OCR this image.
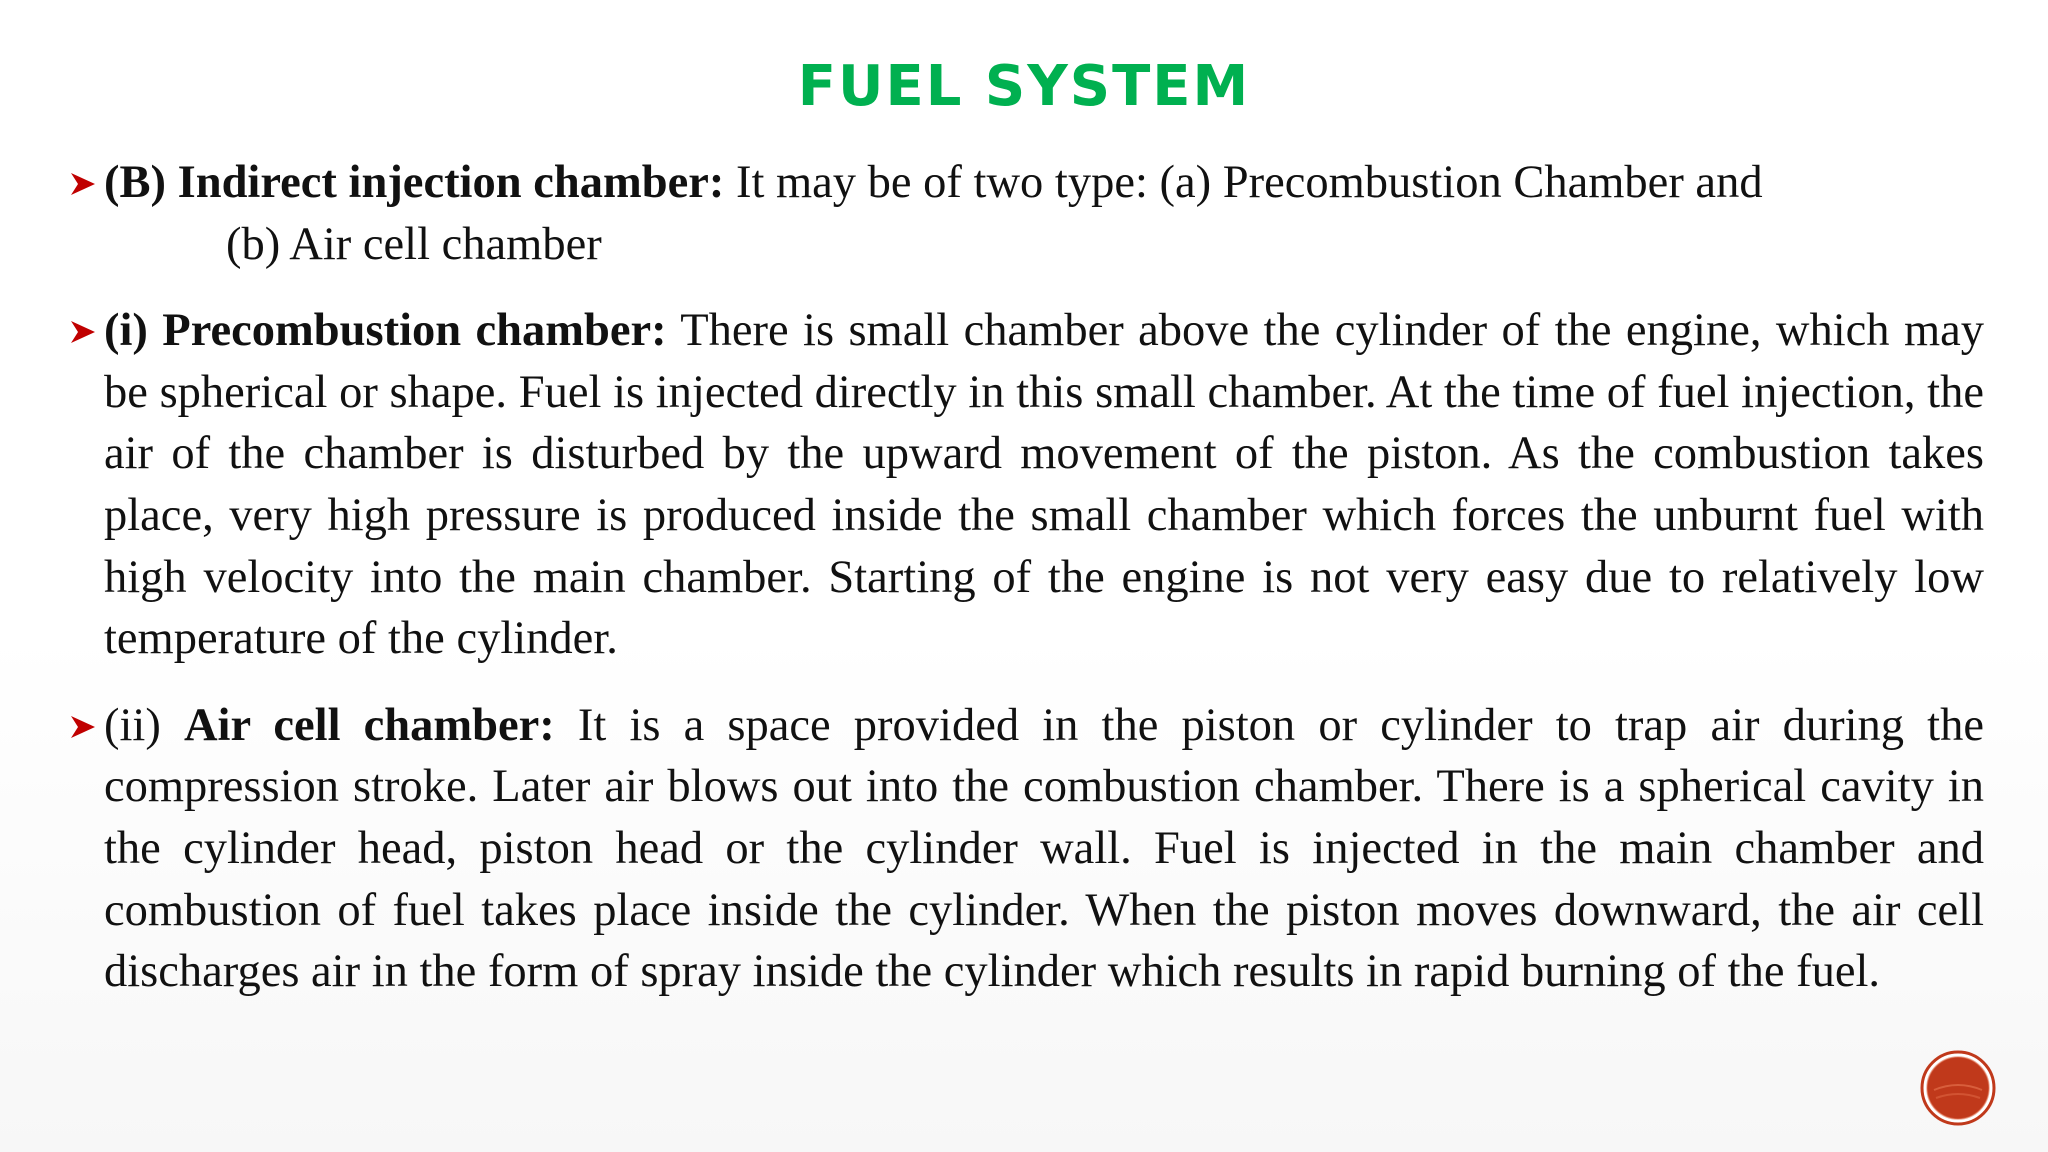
FUEL SYSTEM

(B) Indirect injection chamber: It may be of two type: (a) Precombustion Chamber and
(b) Air cell chamber

(i) Precombustion chamber: There is small chamber above the cylinder of the engine, which may be spherical or shape. Fuel is injected directly in this small chamber. At the time of fuel injection, the air of the chamber is disturbed by the upward movement of the piston. As the combustion takes place, very high pressure is produced inside the small chamber which forces the unburnt fuel with high velocity into the main chamber. Starting of the engine is not very easy due to relatively low temperature of the cylinder.

(ii) Air cell chamber: It is a space provided in the piston or cylinder to trap air during the compression stroke. Later air blows out into the combustion chamber. There is a spherical cavity in the cylinder head, piston head or the cylinder wall. Fuel is injected in the main chamber and combustion of fuel takes place inside the cylinder. When the piston moves downward, the air cell discharges air in the form of spray inside the cylinder which results in rapid burning of the fuel.
